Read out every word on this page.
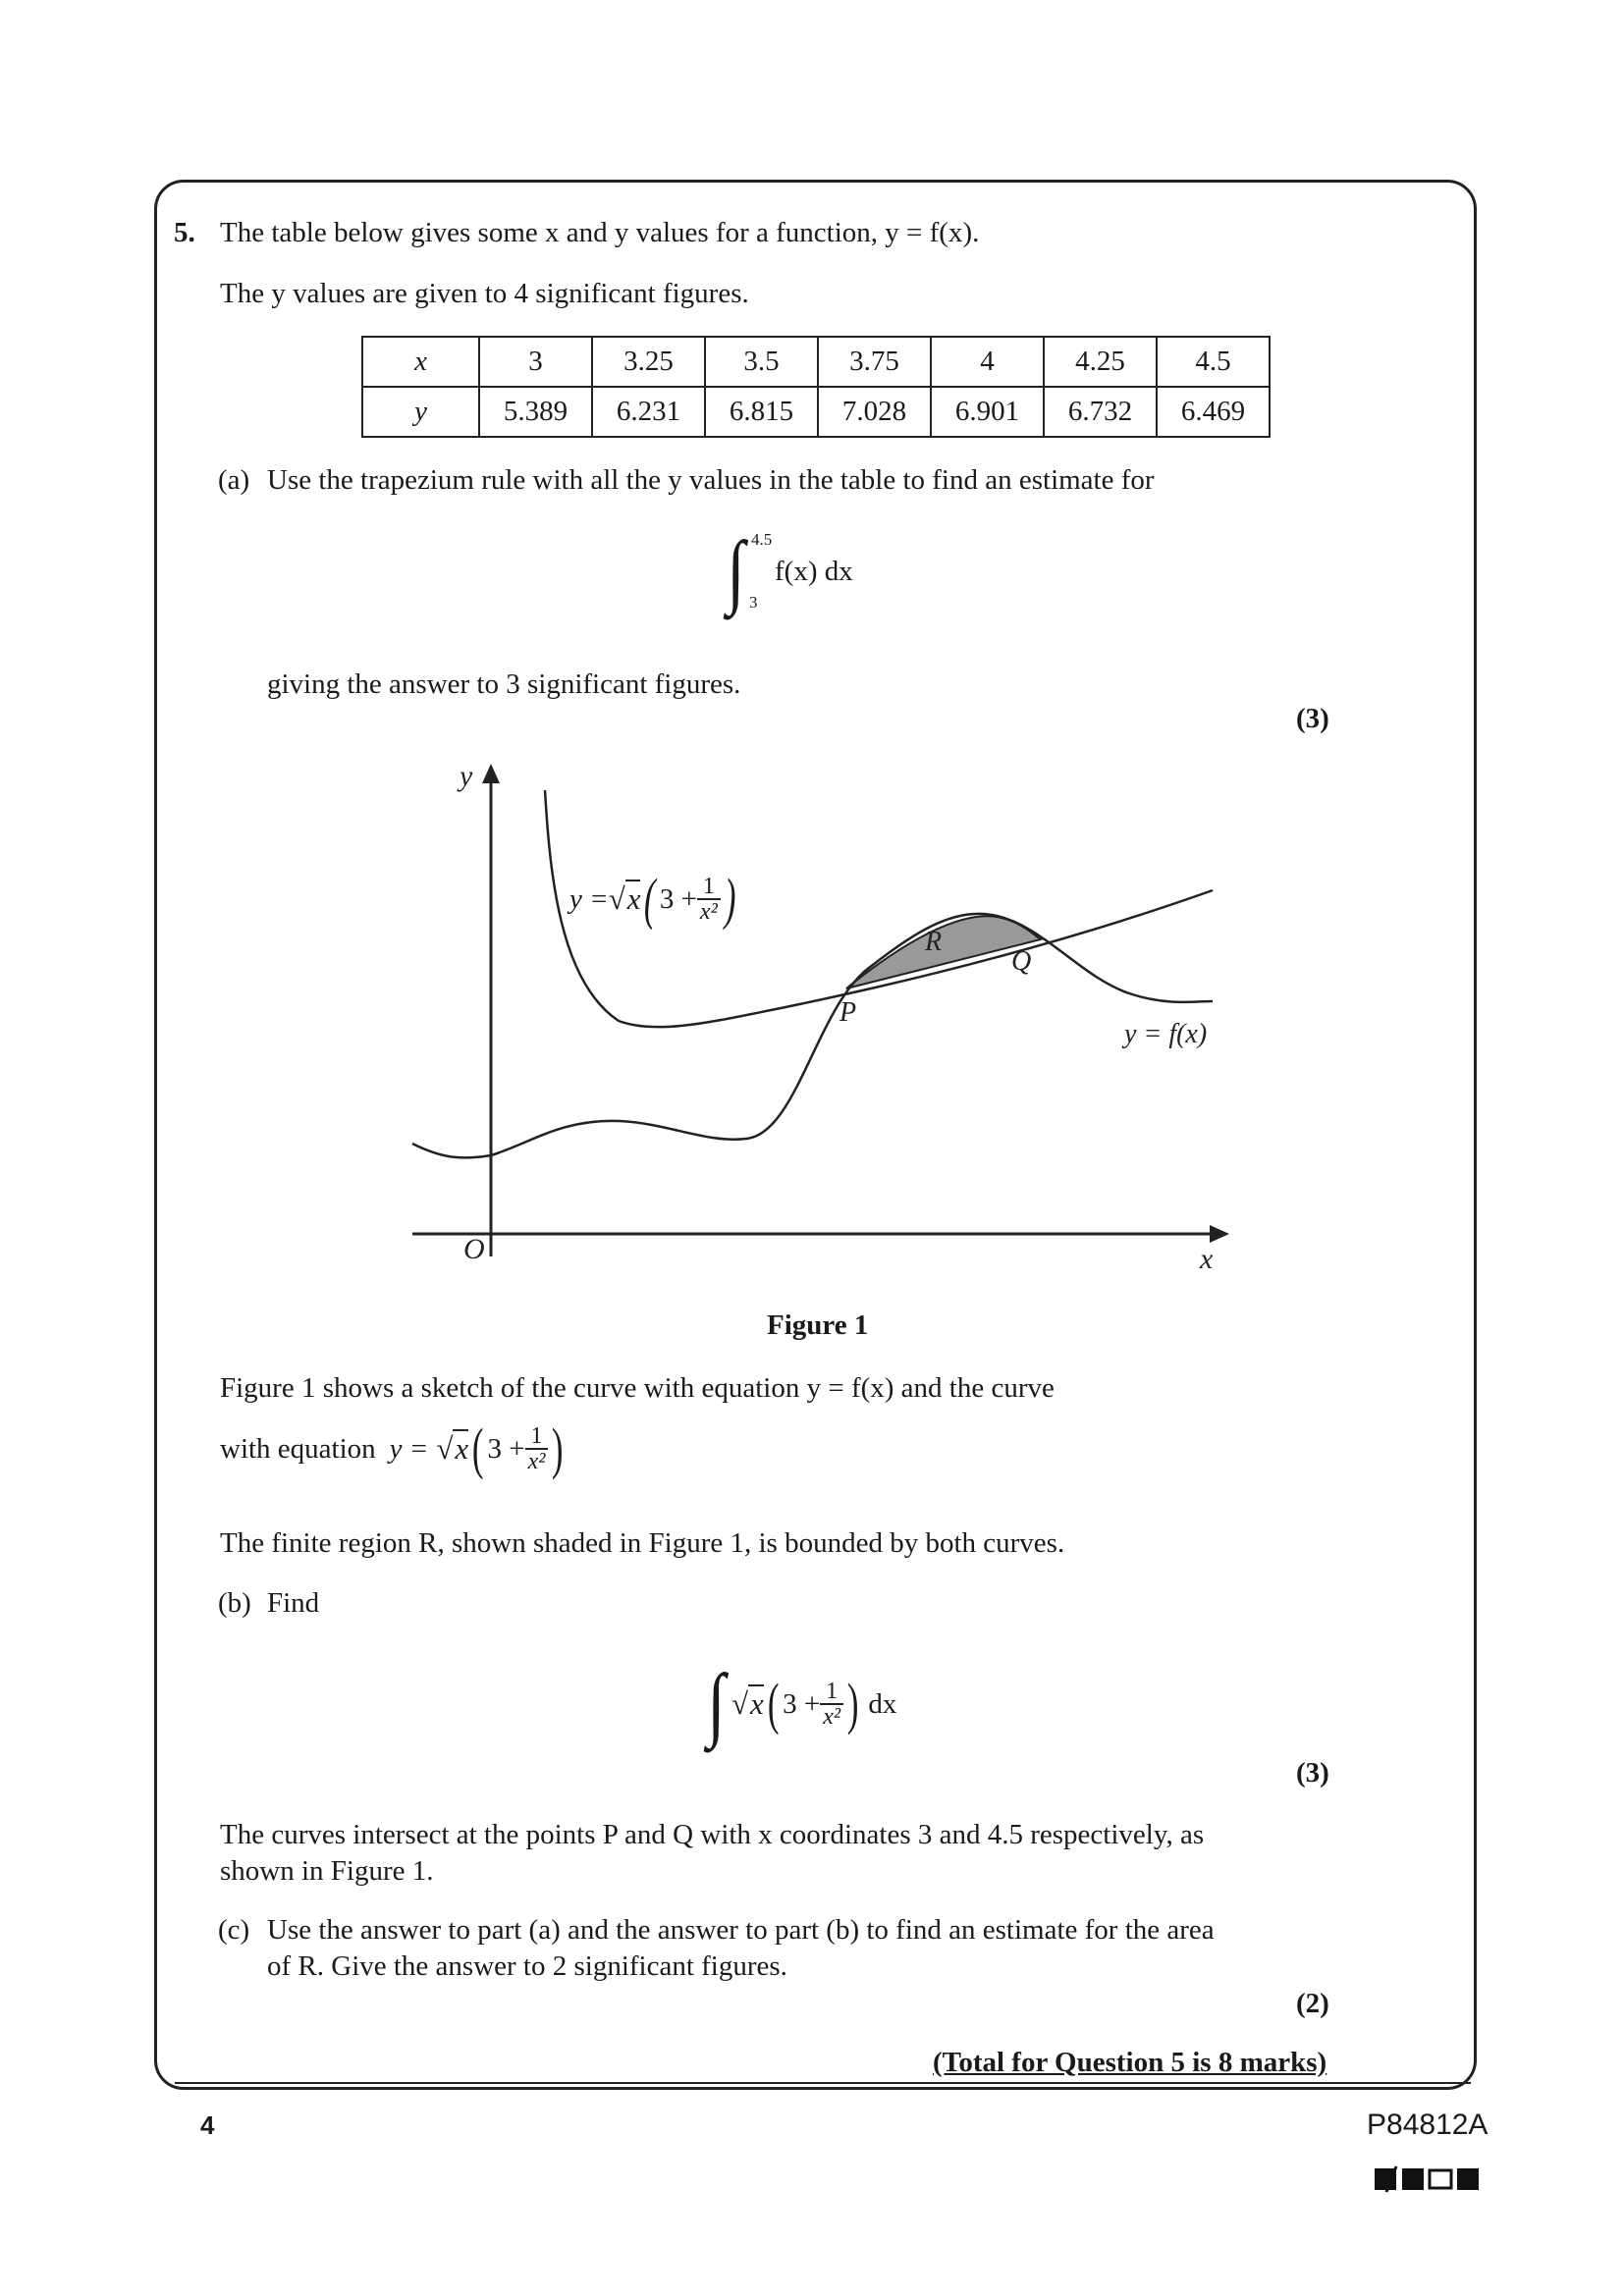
5. The table below gives some x and y values for a function, y = f(x).
The y values are given to 4 significant figures.
x	3	3.25	3.5	3.75	4	4.25	4.5
y	5.389	6.231	6.815	7.028	6.901	6.732	6.469
(a) Use the trapezium rule with all the y values in the table to find an estimate for
∫ 4.5
3
f(x) dx
giving the answer to 3 significant figures.
(3)
y
x
O
P
Q
R
y = f(x)
y = √x ( $3 + \frac{1}{\text{x²}}$ )
Figure 1
Figure 1 shows a sketch of the curve with equation y = f(x) and the curve
with equation y = √x ( $3 + \frac{1}{\text{x²}}$ )
The finite region R, shown shaded in Figure 1, is bounded by both curves.
(b) Find
∫ √x ( $3 + \frac{1}{\text{x²}}$ ) dx
(3)
The curves intersect at the points P and Q with x coordinates 3 and 4.5 respectively, as
shown in Figure 1.
(c) Use the answer to part (a) and the answer to part (b) to find an estimate for the area
of R. Give the answer to 2 significant figures.
(2)
(Total for Question 5 is 8 marks)
4	P84812A
